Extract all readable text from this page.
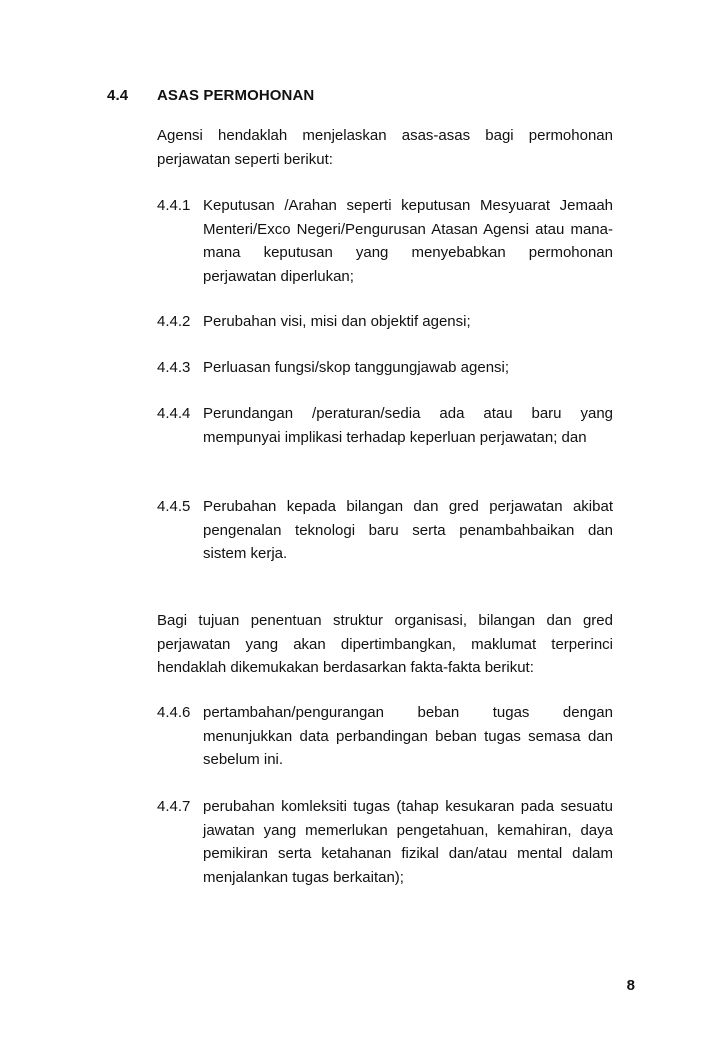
4.4 ASAS PERMOHONAN
Agensi hendaklah menjelaskan asas-asas bagi permohonan perjawatan seperti berikut:
4.4.1 Keputusan /Arahan seperti keputusan Mesyuarat Jemaah Menteri/Exco Negeri/Pengurusan Atasan Agensi atau mana-mana keputusan yang menyebabkan permohonan perjawatan diperlukan;
4.4.2 Perubahan visi, misi dan objektif agensi;
4.4.3 Perluasan fungsi/skop tanggungjawab agensi;
4.4.4 Perundangan /peraturan/sedia ada atau baru yang mempunyai implikasi terhadap keperluan perjawatan; dan
4.4.5 Perubahan kepada bilangan dan gred perjawatan akibat pengenalan teknologi baru serta penambahbaikan dan sistem kerja.
Bagi tujuan penentuan struktur organisasi, bilangan dan gred perjawatan yang akan dipertimbangkan, maklumat terperinci hendaklah dikemukakan berdasarkan fakta-fakta berikut:
4.4.6 pertambahan/pengurangan beban tugas dengan menunjukkan data perbandingan beban tugas semasa dan sebelum ini.
4.4.7 perubahan komleksiti tugas (tahap kesukaran pada sesuatu jawatan yang memerlukan pengetahuan, kemahiran, daya pemikiran serta ketahanan fizikal dan/atau mental dalam menjalankan tugas berkaitan);
8
